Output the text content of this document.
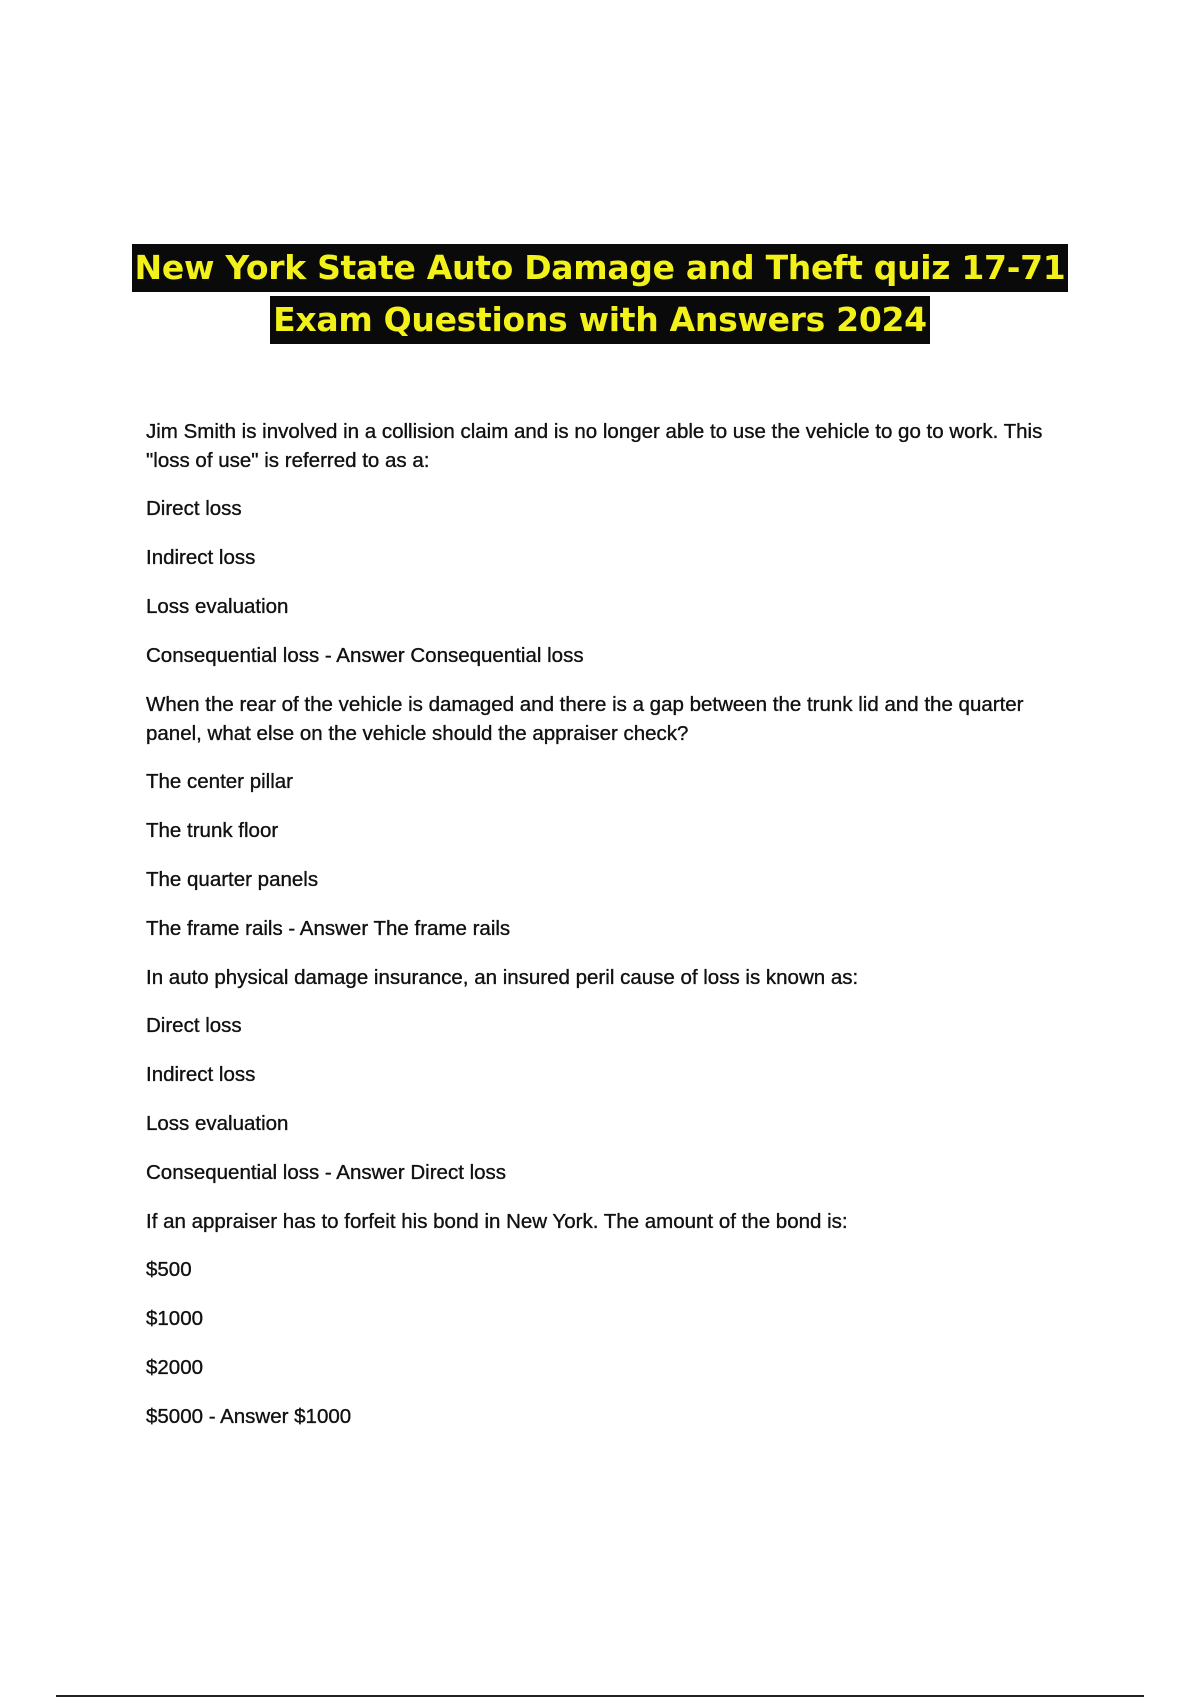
New York State Auto Damage and Theft quiz 17-71
Exam Questions with Answers 2024

Jim Smith is involved in a collision claim and is no longer able to use the vehicle to go to work. This "loss of use" is referred to as a:

Direct loss

Indirect loss

Loss evaluation

Consequential loss - Answer Consequential loss

When the rear of the vehicle is damaged and there is a gap between the trunk lid and the quarter panel, what else on the vehicle should the appraiser check?

The center pillar

The trunk floor

The quarter panels

The frame rails - Answer The frame rails

In auto physical damage insurance, an insured peril cause of loss is known as:

Direct loss

Indirect loss

Loss evaluation

Consequential loss - Answer Direct loss

If an appraiser has to forfeit his bond in New York. The amount of the bond is:

$500

$1000

$2000

$5000 - Answer $1000
